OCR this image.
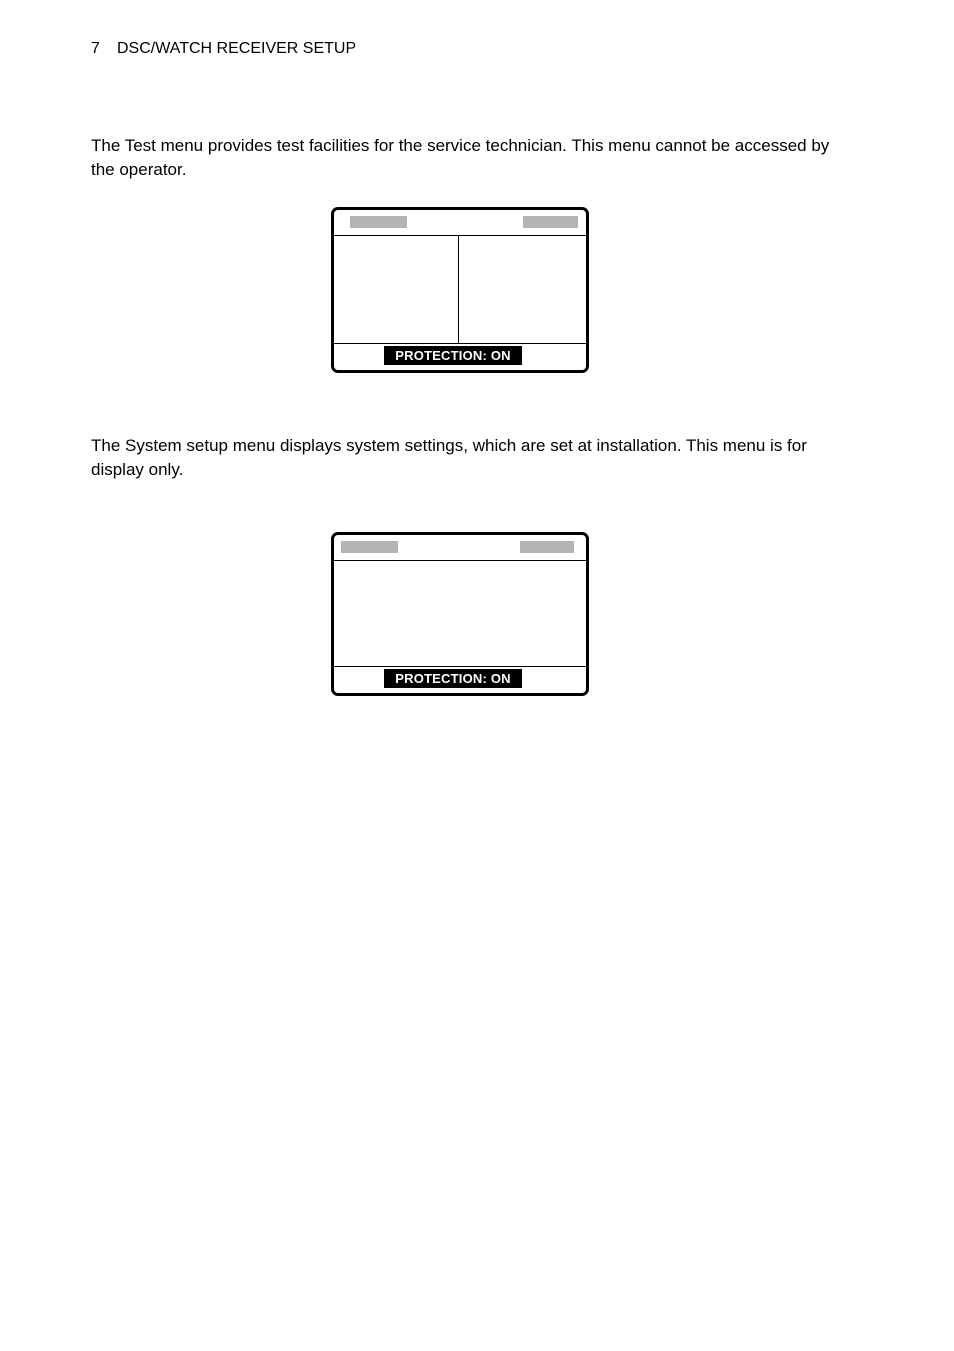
7 DSC/WATCH RECEIVER SETUP

The Test menu provides test facilities for the service technician. This menu cannot be accessed by the operator.

PROTECTION: ON

The System setup menu displays system settings, which are set at installation. This menu is for display only.

PROTECTION: ON
